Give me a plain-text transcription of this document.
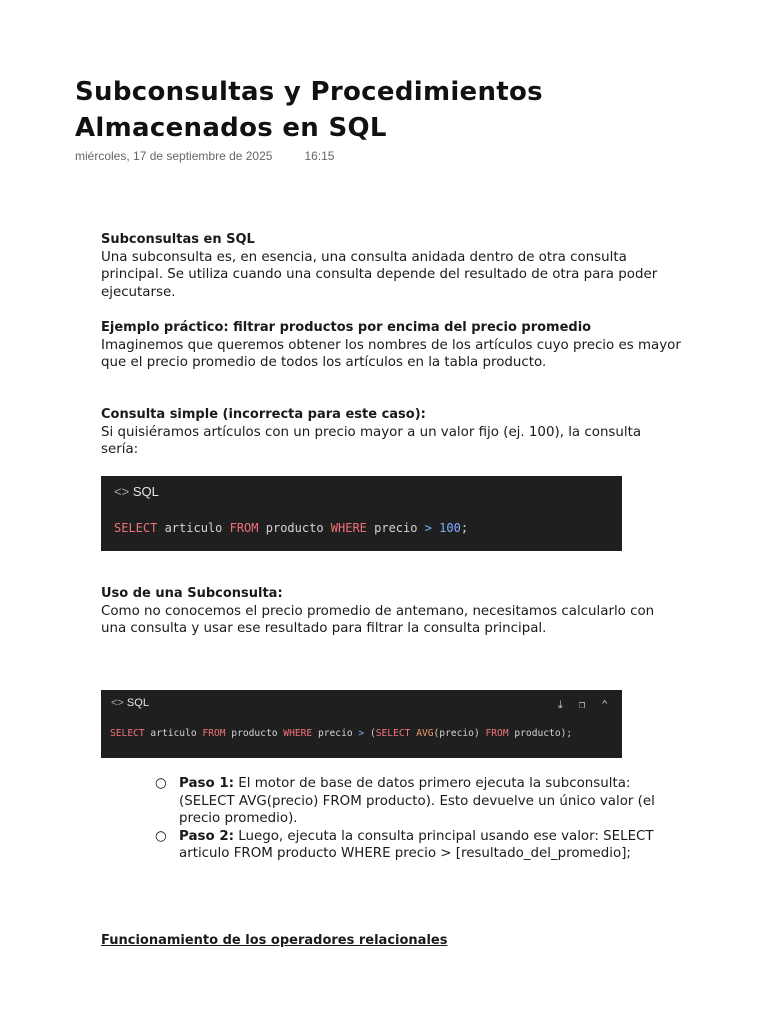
Subconsultas y Procedimientos Almacenados en SQL
miércoles, 17 de septiembre de 2025	16:15
Subconsultas en SQL
Una subconsulta es, en esencia, una consulta anidada dentro de otra consulta principal. Se utiliza cuando una consulta depende del resultado de otra para poder ejecutarse.
Ejemplo práctico: filtrar productos por encima del precio promedio
Imaginemos que queremos obtener los nombres de los artículos cuyo precio es mayor que el precio promedio de todos los artículos en la tabla producto.
Consulta simple (incorrecta para este caso):
Si quisiéramos artículos con un precio mayor a un valor fijo (ej. 100), la consulta sería:
<> SQL
SELECT articulo FROM producto WHERE precio > 100;
Uso de una Subconsulta:
Como no conocemos el precio promedio de antemano, necesitamos calcularlo con una consulta y usar ese resultado para filtrar la consulta principal.
<> SQL	⤓ ❐ ⌃
SELECT articulo FROM producto WHERE precio > (SELECT AVG(precio) FROM producto);
○ Paso 1: El motor de base de datos primero ejecuta la subconsulta: (SELECT AVG(precio) FROM producto). Esto devuelve un único valor (el precio promedio).
○ Paso 2: Luego, ejecuta la consulta principal usando ese valor: SELECT articulo FROM producto WHERE precio > [resultado_del_promedio];
Funcionamiento de los operadores relacionales
